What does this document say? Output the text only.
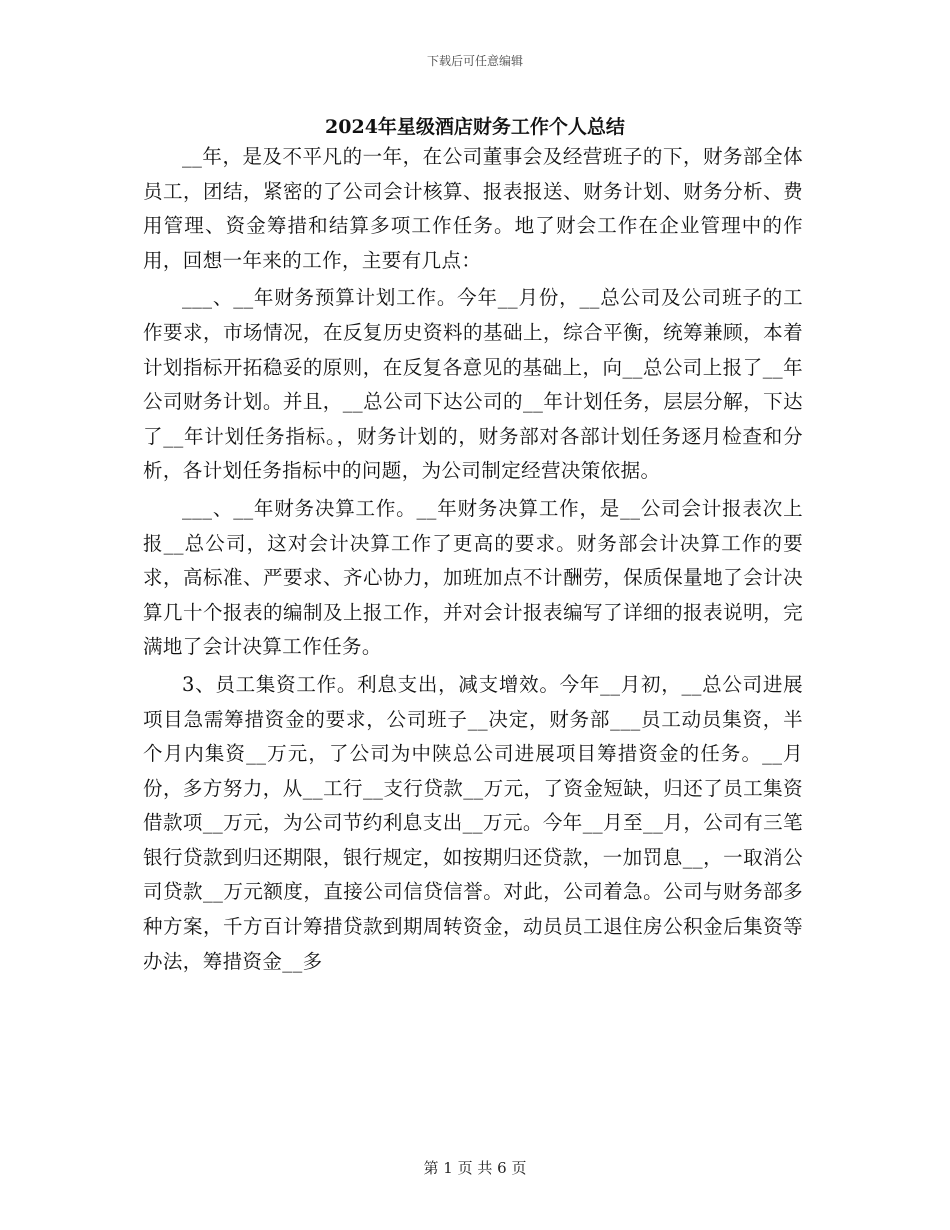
下载后可任意编辑
2024年星级酒店财务工作个人总结

__年，是及不平凡的一年，在公司董事会及经营班子的下，财务部全体员工，团结，紧密的了公司会计核算、报表报送、财务计划、财务分析、费用管理、资金筹措和结算多项工作任务。地了财会工作在企业管理中的作用，回想一年来的工作，主要有几点：

___、__年财务预算计划工作。今年__月份，__总公司及公司班子的工作要求，市场情况，在反复历史资料的基础上，综合平衡，统筹兼顾，本着计划指标开拓稳妥的原则，在反复各意见的基础上，向__总公司上报了__年公司财务计划。并且，__总公司下达公司的__年计划任务，层层分解，下达了__年计划任务指标。，财务计划的，财务部对各部计划任务逐月检查和分析，各计划任务指标中的问题，为公司制定经营决策依据。

___、__年财务决算工作。__年财务决算工作，是__公司会计报表次上报__总公司，这对会计决算工作了更高的要求。财务部会计决算工作的要求，高标准、严要求、齐心协力，加班加点不计酬劳，保质保量地了会计决算几十个报表的编制及上报工作，并对会计报表编写了详细的报表说明，完满地了会计决算工作任务。

3、员工集资工作。利息支出，减支增效。今年__月初，__总公司进展项目急需筹措资金的要求，公司班子__决定，财务部___员工动员集资，半个月内集资__万元，了公司为中陕总公司进展项目筹措资金的任务。__月份，多方努力，从__工行__支行贷款__万元，了资金短缺，归还了员工集资借款项__万元，为公司节约利息支出__万元。今年__月至__月，公司有三笔银行贷款到归还期限，银行规定，如按期归还贷款，一加罚息__，一取消公司贷款__万元额度，直接公司信贷信誉。对此，公司着急。公司与财务部多种方案，千方百计筹措贷款到期周转资金，动员员工退住房公积金后集资等办法，筹措资金__多

第 1 页 共 6 页
